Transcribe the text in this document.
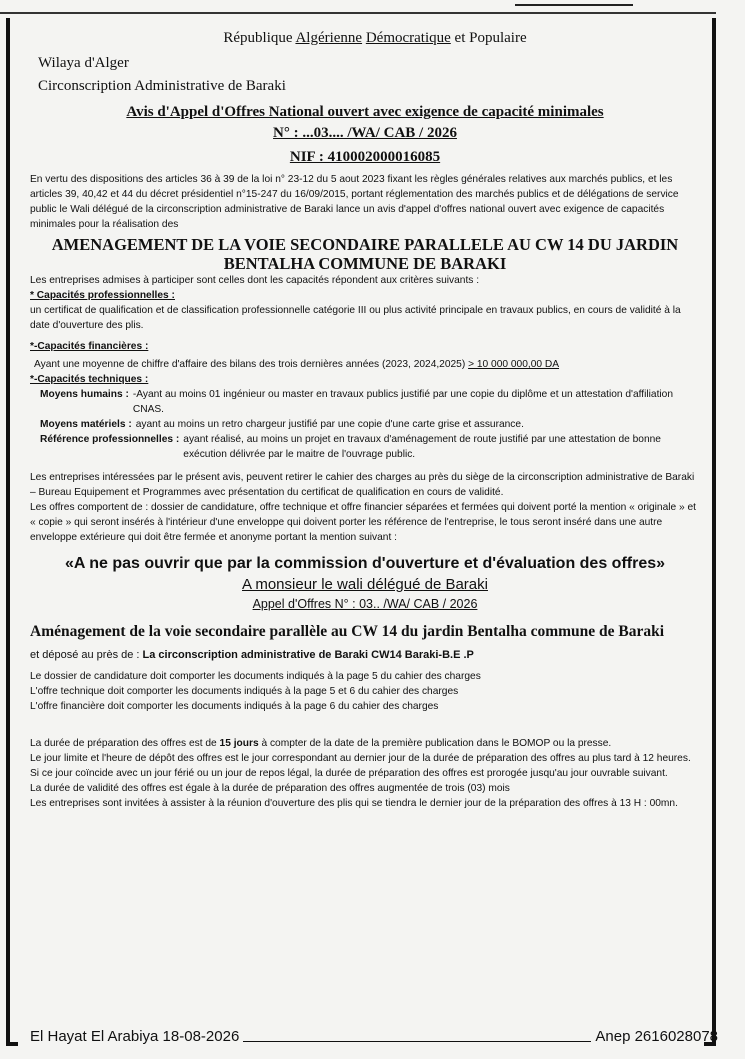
République Algérienne Démocratique et Populaire

Wilaya d'Alger

Circonscription Administrative de Baraki

Avis d'Appel d'Offres National ouvert avec exigence de capacité minimales

N° : ...03.... /WA/ CAB / 2026

NIF : 410002000016085

En vertu des dispositions des articles 36 à 39 de la loi n° 23-12 du 5 aout 2023 fixant les règles générales relatives aux marchés publics, et les articles 39, 40,42 et 44 du décret présidentiel n°15-247 du 16/09/2015, portant réglementation des marchés publics et de délégations de service public le Wali délégué de la circonscription administrative de Baraki lance un avis d'appel d'offres national ouvert avec exigence de capacités minimales pour la réalisation des

AMENAGEMENT DE LA VOIE SECONDAIRE PARALLELE AU CW 14 DU JARDIN BENTALHA COMMUNE DE BARAKI

Les entreprises admises à participer sont celles dont les capacités répondent aux critères suivants :

* Capacités professionnelles :

un certificat de qualification et de classification professionnelle catégorie III ou plus activité principale en travaux publics, en cours de validité à la date d'ouverture des plis.

*-Capacités financières :

Ayant une moyenne de chiffre d'affaire des bilans des trois dernières années (2023, 2024,2025) > 10 000 000,00 DA

*-Capacités techniques :

Moyens humains : -Ayant au moins 01 ingénieur ou master en travaux publics justifié par une copie du diplôme et un attestation d'affiliation CNAS.
Moyens matériels : ayant au moins un retro chargeur justifié par une copie d'une carte grise et assurance.
Référence professionnelles : ayant réalisé, au moins un projet en travaux d'aménagement de route justifié par une attestation de bonne exécution délivrée par le maitre de l'ouvrage public.

Les entreprises intéressées par le présent avis, peuvent retirer le cahier des charges au près du siège de la circonscription administrative de Baraki – Bureau Equipement et Programmes avec présentation du certificat de qualification en cours de validité.

Les offres comportent de : dossier de candidature, offre technique et offre financier séparées et fermées qui doivent porté la mention « originale » et « copie » qui seront insérés à l'intérieur d'une enveloppe qui doivent porter les référence de l'entreprise, le tous seront inséré dans une autre enveloppe extérieure qui doit être fermée et anonyme portant la mention suivant :

«A ne pas ouvrir que par la commission d'ouverture et d'évaluation des offres»

A monsieur le wali délégué de Baraki

Appel d'Offres N° : 03.. /WA/ CAB / 2026

Aménagement de la voie secondaire parallèle au CW 14 du jardin Bentalha commune de Baraki

et déposé au près de : La circonscription administrative de Baraki CW14 Baraki-B.E .P

Le dossier de candidature doit comporter les documents indiqués à la page 5 du cahier des charges

L'offre technique doit comporter les documents indiqués à la page 5 et 6 du cahier des charges

L'offre financière doit comporter les documents indiqués à la page 6 du cahier des charges

La durée de préparation des offres est de 15 jours à compter de la date de la première publication dans le BOMOP ou la presse.

Le jour limite et l'heure de dépôt des offres est le jour correspondant au dernier jour de la durée de préparation des offres au plus tard à 12 heures.

Si ce jour coïncide avec un jour férié ou un jour de repos légal, la durée de préparation des offres est prorogée jusqu'au jour ouvrable suivant.

La durée de validité des offres est égale à la durée de préparation des offres augmentée de trois (03) mois

Les entreprises sont invitées à assister à la réunion d'ouverture des plis qui se tiendra le dernier jour de la préparation des offres à 13 H : 00mn.

El Hayat El Arabiya 18-08-2026	Anep 2616028078
